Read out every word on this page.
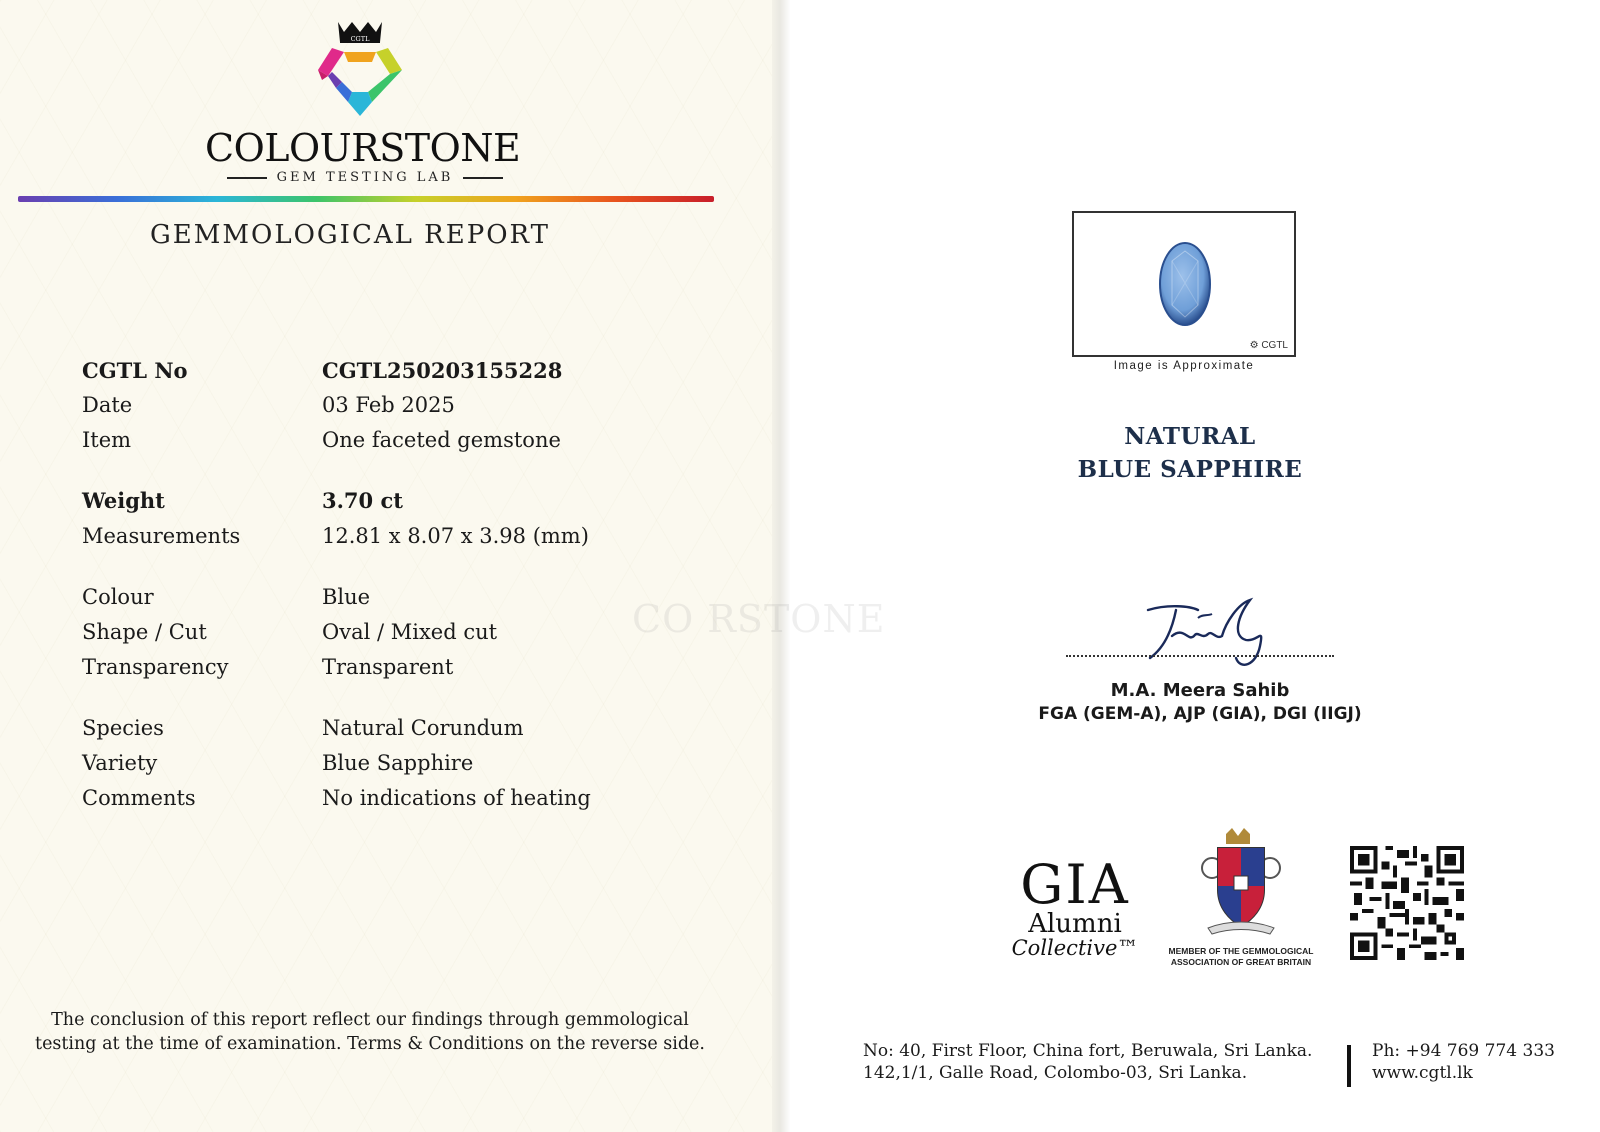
CO RSTONE
CGTL
COLOURSTONE
GEM TESTING LAB
GEMMOLOGICAL REPORT
CGTL No	CGTL250203155228
Date	03 Feb 2025
Item	One faceted gemstone
Weight	3.70 ct
Measurements	12.81 x 8.07 x 3.98 (mm)
Colour	Blue
Shape / Cut	Oval / Mixed cut
Transparency	Transparent
Species	Natural Corundum
Variety	Blue Sapphire
Comments	No indications of heating
The conclusion of this report reflect our findings through gemmological
testing at the time of examination. Terms & Conditions on the reverse side.
⚙ CGTL
Image is Approximate
NATURAL
BLUE SAPPHIRE
M.A. Meera Sahib
FGA (GEM-A), AJP (GIA), DGI (IIGJ)
GIA
Alumni
Collective™	MEMBER OF THE GEMMOLOGICAL
ASSOCIATION OF GREAT BRITAIN
No: 40, First Floor, China fort, Beruwala, Sri Lanka.
142,1/1, Galle Road, Colombo-03, Sri Lanka.
Ph: +94 769 774 333
www.cgtl.lk
